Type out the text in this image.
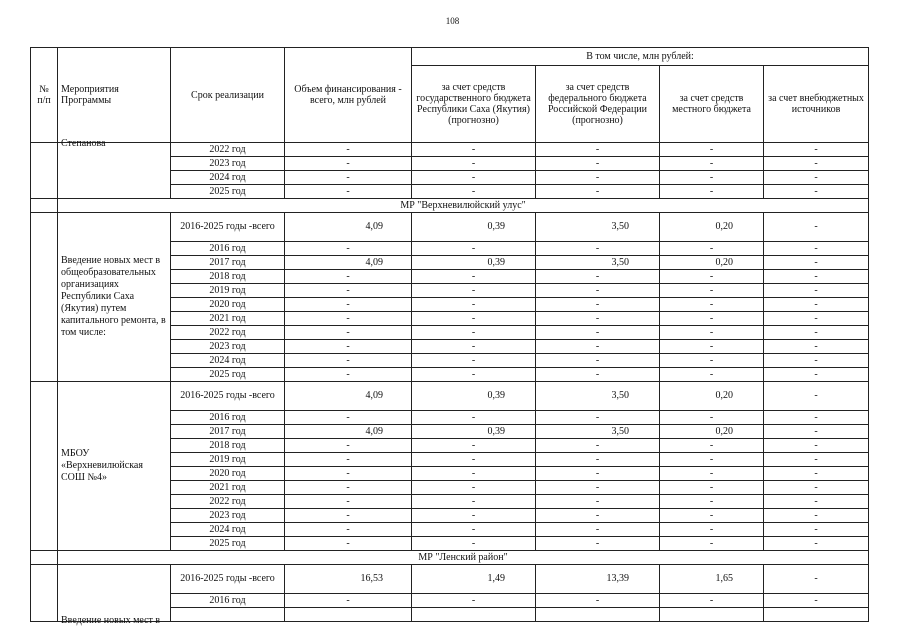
108
№ п/п	Мероприятия Программы	Срок реализации	Объем финансирования - всего, млн рублей	В том числе, млн рублей:			
				за счет средств государственного бюджета Республики Саха (Якутия) (прогнозно)	за счет средств федерального бюджета Российской Федерации (прогнозно)	за счет средств местного бюджета	за счет внебюджетных источников

	Степанова	2022 год	-	-	-	-	-
		2023 год	-	-	-	-	-
		2024 год	-	-	-	-	-
		2025 год	-	-	-	-	-
	МР "Верхневилюйский улус"						
	Введение новых мест в общеобразовательных организациях Республики Саха (Якутия) путем капитального ремонта, в том числе:	2016-2025 годы -всего	4,09	0,39	3,50	0,20	-
		2016 год	-	-	-	-	-
		2017 год	4,09	0,39	3,50	0,20	-
		2018 год	-	-	-	-	-
		2019 год	-	-	-	-	-
		2020 год	-	-	-	-	-
		2021 год	-	-	-	-	-
		2022 год	-	-	-	-	-
		2023 год	-	-	-	-	-
		2024 год	-	-	-	-	-
		2025 год	-	-	-	-	-
	МБОУ «Верхневилюйская СОШ №4»	2016-2025 годы -всего	4,09	0,39	3,50	0,20	-
		2016 год	-	-	-	-	-
		2017 год	4,09	0,39	3,50	0,20	-
		2018 год	-	-	-	-	-
		2019 год	-	-	-	-	-
		2020 год	-	-	-	-	-
		2021 год	-	-	-	-	-
		2022 год	-	-	-	-	-
		2023 год	-	-	-	-	-
		2024 год	-	-	-	-	-
		2025 год	-	-	-	-	-
	МР "Ленский район"						

	Введение новых мест в	2016-2025 годы -всего	16,53	1,49	13,39	1,65	-
		2016 год	-	-	-	-	-
